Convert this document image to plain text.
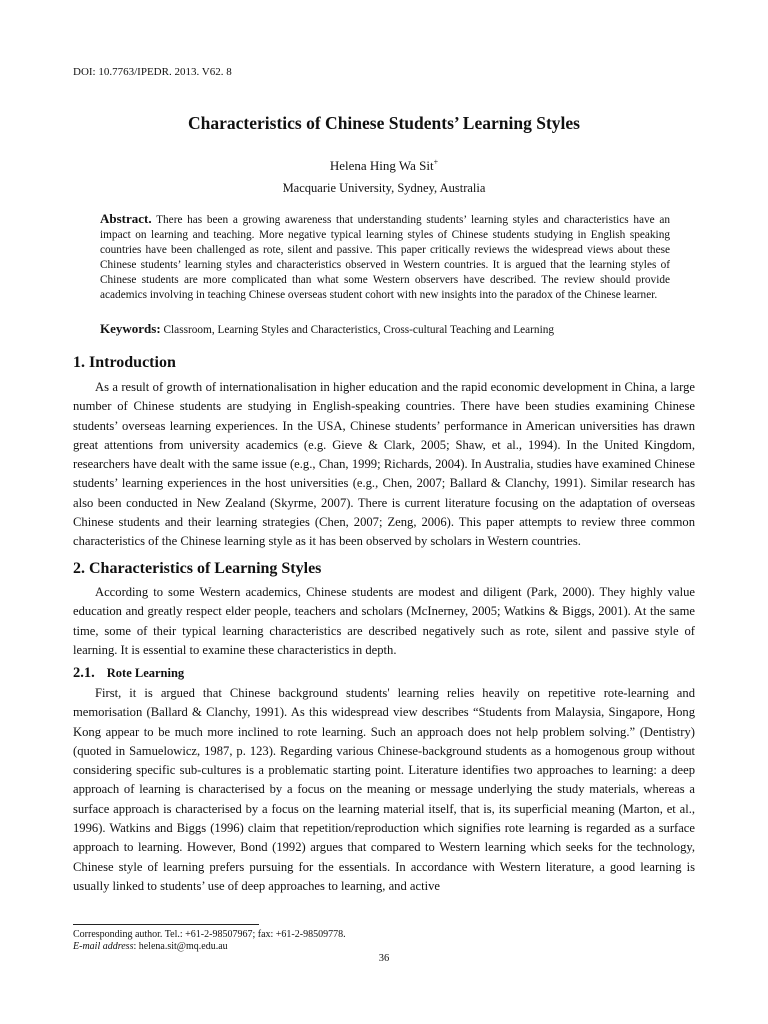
DOI: 10.7763/IPEDR. 2013. V62. 8
Characteristics of Chinese Students’ Learning Styles
Helena Hing Wa Sit+
Macquarie University, Sydney, Australia

Abstract. There has been a growing awareness that understanding students’ learning styles and characteristics have an impact on learning and teaching. More negative typical learning styles of Chinese students studying in English speaking countries have been challenged as rote, silent and passive. This paper critically reviews the widespread views about these Chinese students’ learning styles and characteristics observed in Western countries. It is argued that the learning styles of Chinese students are more complicated than what some Western observers have described. The review should provide academics involving in teaching Chinese overseas student cohort with new insights into the paradox of the Chinese learner.

Keywords: Classroom, Learning Styles and Characteristics, Cross-cultural Teaching and Learning

1. Introduction

As a result of growth of internationalisation in higher education and the rapid economic development in China, a large number of Chinese students are studying in English-speaking countries. There have been studies examining Chinese students’ overseas learning experiences. In the USA, Chinese students’ performance in American universities has drawn great attentions from university academics (e.g. Gieve & Clark, 2005; Shaw, et al., 1994). In the United Kingdom, researchers have dealt with the same issue (e.g., Chan, 1999; Richards, 2004). In Australia, studies have examined Chinese students’ learning experiences in the host universities (e.g., Chen, 2007; Ballard & Clanchy, 1991). Similar research has also been conducted in New Zealand (Skyrme, 2007). There is current literature focusing on the adaptation of overseas Chinese students and their learning strategies (Chen, 2007; Zeng, 2006). This paper attempts to review three common characteristics of the Chinese learning style as it has been observed by scholars in Western countries.

2. Characteristics of Learning Styles

According to some Western academics, Chinese students are modest and diligent (Park, 2000). They highly value education and greatly respect elder people, teachers and scholars (McInerney, 2005; Watkins & Biggs, 2001). At the same time, some of their typical learning characteristics are described negatively such as rote, silent and passive style of learning. It is essential to examine these characteristics in depth.

2.1. Rote Learning

First, it is argued that Chinese background students' learning relies heavily on repetitive rote-learning and memorisation (Ballard & Clanchy, 1991). As this widespread view describes “Students from Malaysia, Singapore, Hong Kong appear to be much more inclined to rote learning. Such an approach does not help problem solving.” (Dentistry) (quoted in Samuelowicz, 1987, p. 123). Regarding various Chinese-background students as a homogenous group without considering specific sub-cultures is a problematic starting point. Literature identifies two approaches to learning: a deep approach of learning is characterised by a focus on the meaning or message underlying the study materials, whereas a surface approach is characterised by a focus on the learning material itself, that is, its superficial meaning (Marton, et al., 1996). Watkins and Biggs (1996) claim that repetition/reproduction which signifies rote learning is regarded as a surface approach to learning. However, Bond (1992) argues that compared to Western learning which seeks for the technology, Chinese style of learning prefers pursuing for the essentials. In accordance with Western literature, a good learning is usually linked to students’ use of deep approaches to learning, and active

Corresponding author. Tel.: +61-2-98507967; fax: +61-2-98509778.

E-mail address: helena.sit@mq.edu.au

36
